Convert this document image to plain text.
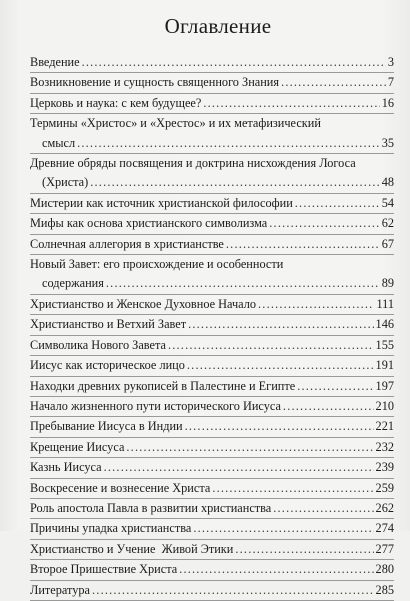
Оглавление
Введение .....	3
Возникновение и сущность священного Знания .....	7
Церковь и наука: с кем будущее? .....	16
Термины «Христос» и «Хрестос» и их метафизический
смысл .....	35
Древние обряды посвящения и доктрина нисхождения Логоса
(Христа) .....	48
Мистерии как источник христианской философии .....	54
Мифы как основа христианского символизма .....	62
Солнечная аллегория в христианстве .....	67
Новый Завет: его происхождение и особенности
содержания .....	89
Христианство и Женское Духовное Начало .....	111
Христианство и Ветхий Завет .....	146
Символика Нового Завета .....	155
Иисус как историческое лицо .....	191
Находки древних рукописей в Палестине и Египте .....	197
Начало жизненного пути исторического Иисуса .....	210
Пребывание Иисуса в Индии .....	221
Крещение Иисуса .....	232
Казнь Иисуса .....	239
Воскресение и вознесение Христа .....	259
Роль апостола Павла в развитии христианства .....	262
Причины упадка христианства .....	274
Христианство и Учение  Живой Этики .....	277
Второе Пришествие Христа .....	280
Литература .....	285
